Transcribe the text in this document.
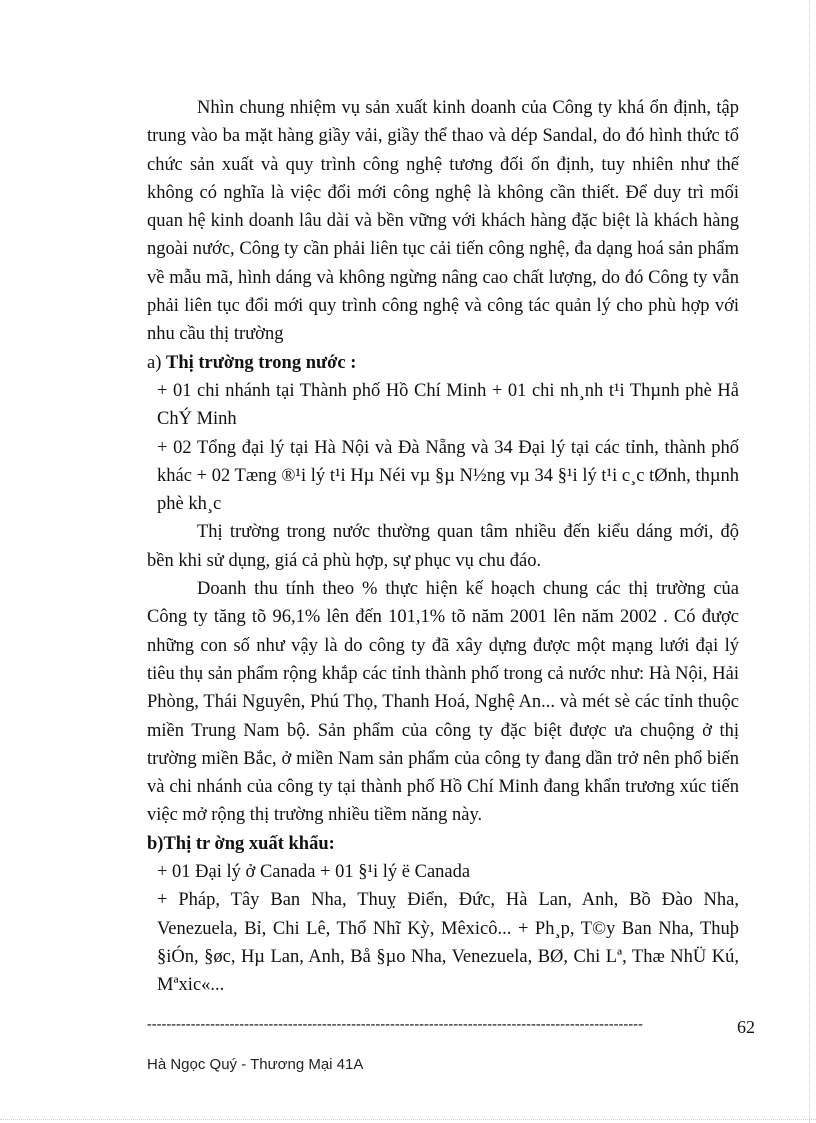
Nhìn chung nhiệm vụ sản xuất kinh doanh của Công ty khá ổn định, tập trung vào ba mặt hàng giầy vải, giầy thể thao và dép Sandal, do đó hình thức tổ chức sản xuất và quy trình công nghệ tương đối ổn định, tuy nhiên như thế không có nghĩa là việc đổi mới công nghệ là không cần thiết. Để duy trì mối quan hệ kinh doanh lâu dài và bền vững với khách hàng đặc biệt là khách hàng ngoài nước, Công ty cần phải liên tục cải tiến công nghệ, đa dạng hoá sản phẩm về mẫu mã, hình dáng và không ngừng nâng cao chất lượng, do đó Công ty vẫn phải liên tục đổi mới quy trình công nghệ và công tác quản lý cho phù hợp với nhu cầu thị trường

a) Thị trường trong nước :

+ 01 chi nhánh tại Thành phố Hồ Chí Minh + 01 chi nh¸nh t¹i Thµnh phè Hå ChÝ Minh

+ 02 Tổng đại lý tại Hà Nội và Đà Nẵng và 34 Đại lý tại các tỉnh, thành phố khác + 02 Tæng ®¹i lý t¹i Hµ Néi vµ §µ N½ng vµ 34 §¹i lý t¹i c¸c tØnh, thµnh phè kh¸c

Thị trường trong nước thường quan tâm nhiều đến kiểu dáng mới, độ bền khi sử dụng, giá cả phù hợp, sự phục vụ chu đáo.

Doanh thu tính theo % thực hiện kế hoạch chung các thị trường của Công ty tăng tõ 96,1% lên đến 101,1% tõ năm 2001 lên năm 2002 . Có được những con số như vậy là do công ty đã xây dựng được một mạng lưới đại lý tiêu thụ sản phẩm rộng khắp các tỉnh thành phố trong cả nước như: Hà Nội, Hải Phòng, Thái Nguyên, Phú Thọ, Thanh Hoá, Nghệ An... và mét sè các tỉnh thuộc miền Trung Nam bộ. Sản phẩm của công ty đặc biệt được ưa chuộng ở thị trường miền Bắc, ở miền Nam sản phẩm của công ty đang dần trở nên phổ biến và chi nhánh của công ty tại thành phố Hồ Chí Minh đang khẩn trương xúc tiến việc mở rộng thị trường nhiều tiềm năng này.

b)Thị tr ờng xuất khẩu:

+ 01 Đại lý ở Canada + 01 §¹i lý ë Canada

+ Pháp, Tây Ban Nha, Thuỵ Điển, Đức, Hà Lan, Anh, Bồ Đào Nha, Venezuela, Bỉ, Chi Lê, Thổ Nhĩ Kỳ, Mêxicô... + Ph¸p, T©y Ban Nha, Thuþ §iÓn, §øc, Hµ Lan, Anh, Bå §µo Nha, Venezuela, BØ, Chi Lª, Thæ NhÜ Kú, Mªxic«...

------------------------------------------------------------------------------------------------------	62
Hà Ngọc Quý - Thương Mại 41A
